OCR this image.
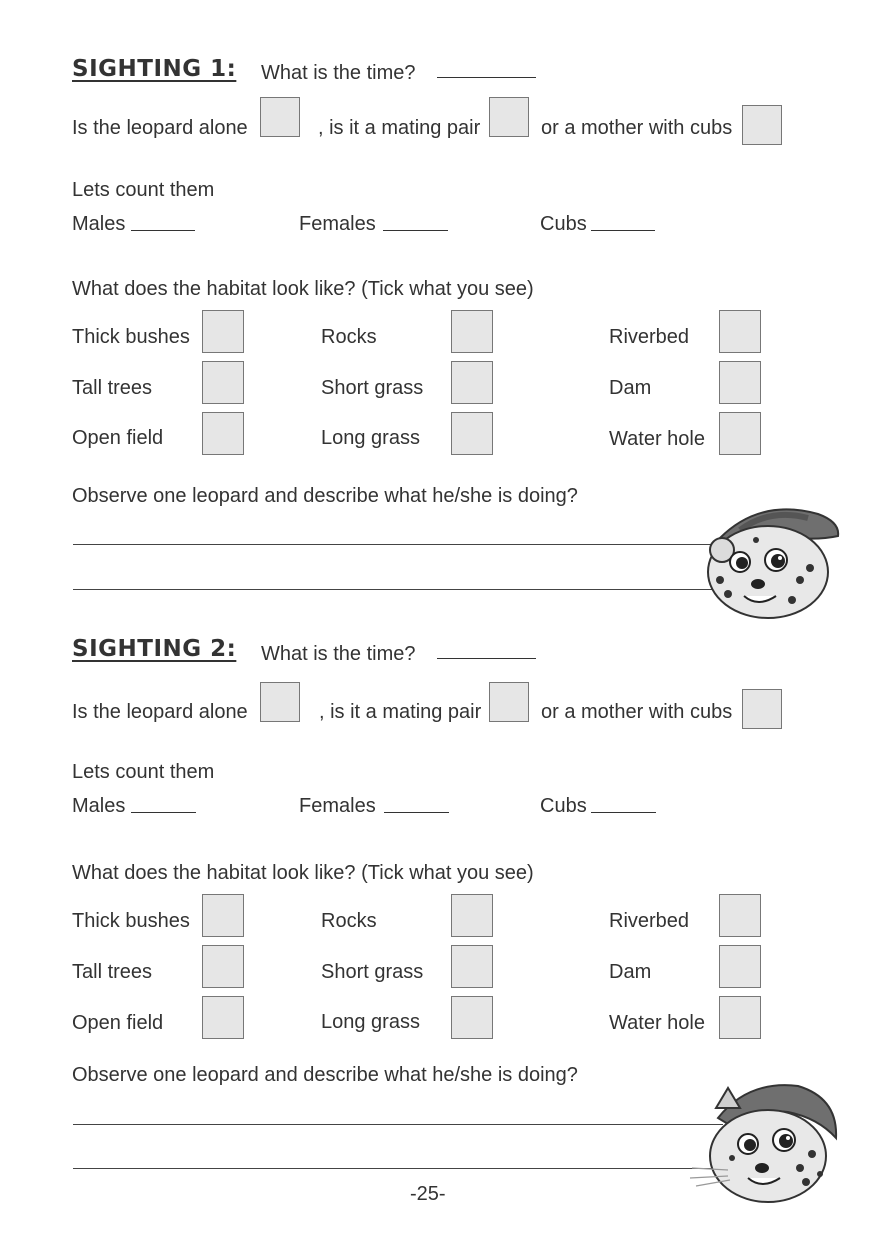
SIGHTING 1: What is the time?
Is the leopard alone	, is it a mating pair	or a mother with cubs
Lets count them
Males	Females	Cubs
What does the habitat look like? (Tick what you see)
Thick bushes	Rocks	Riverbed
Tall trees	Short grass	Dam
Open field	Long grass	Water hole
Observe one leopard and describe what he/she is doing?
SIGHTING 2: What is the time?
Is the leopard alone	, is it a mating pair	or a mother with cubs
Lets count them
Males	Females	Cubs
What does the habitat look like? (Tick what you see)
Thick bushes	Rocks	Riverbed
Tall trees	Short grass	Dam
Open field	Long grass	Water hole
Observe one leopard and describe what he/she is doing?
-25-
